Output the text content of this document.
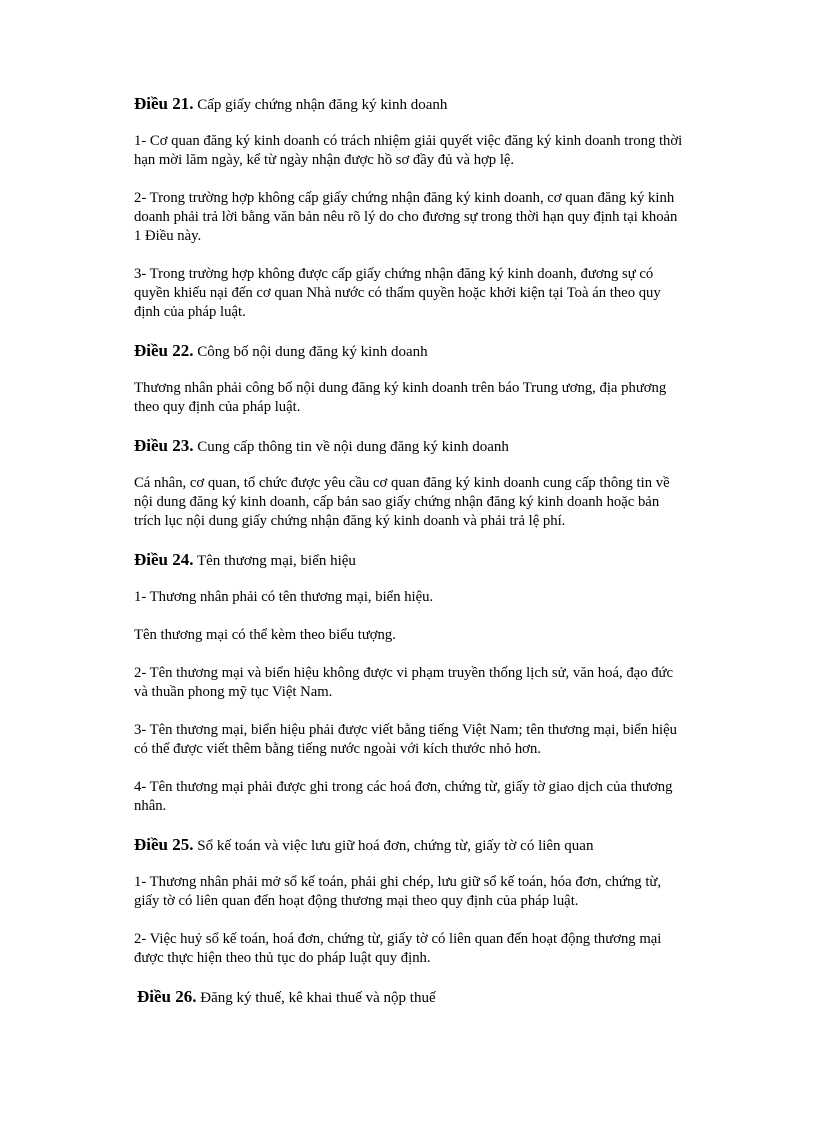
Điều 21. Cấp giấy chứng nhận đăng ký kinh doanh

1- Cơ quan đăng ký kinh doanh có trách nhiệm giải quyết việc đăng ký kinh doanh trong thời
hạn mời lăm ngày, kể từ ngày nhận được hồ sơ đầy đủ và hợp lệ.

2- Trong trường hợp không cấp giấy chứng nhận đăng ký kinh doanh, cơ quan đăng ký kinh
doanh phải trả lời bằng văn bản nêu rõ lý do cho đương sự trong thời hạn quy định tại khoản
1 Điều này.

3- Trong trường hợp không được cấp giấy chứng nhận đăng ký kinh doanh, đương sự có
quyền khiếu nại đến cơ quan Nhà nước có thẩm quyền hoặc khởi kiện tại Toà án theo quy
định của pháp luật.

Điều 22. Công bố nội dung đăng ký kinh doanh

Thương nhân phải công bố nội dung đăng ký kinh doanh trên báo Trung ương, địa phương
theo quy định của pháp luật.

Điều 23. Cung cấp thông tin về nội dung đăng ký kinh doanh

Cá nhân, cơ quan, tổ chức được yêu cầu cơ quan đăng ký kinh doanh cung cấp thông tin về
nội dung đăng ký kinh doanh, cấp bản sao giấy chứng nhận đăng ký kinh doanh hoặc bản
trích lục nội dung giấy chứng nhận đăng ký kinh doanh và phải trả lệ phí.

Điều 24. Tên thương mại, biển hiệu

1- Thương nhân phải có tên thương mại, biển hiệu.

Tên thương mại có thể kèm theo biểu tượng.

2- Tên thương mại và biển hiệu không được vi phạm truyền thống lịch sử, văn hoá, đạo đức
và thuần phong mỹ tục Việt Nam.

3- Tên thương mại, biển hiệu phải được viết bằng tiếng Việt Nam; tên thương mại, biển hiệu
có thể được viết thêm bằng tiếng nước ngoài với kích thước nhỏ hơn.

4- Tên thương mại phải được ghi trong các hoá đơn, chứng từ, giấy tờ giao dịch của thương
nhân.

Điều 25. Sổ kế toán và việc lưu giữ hoá đơn, chứng từ, giấy tờ có liên quan

1- Thương nhân phải mở sổ kế toán, phải ghi chép, lưu giữ sổ kế toán, hóa đơn, chứng từ,
giấy tờ có liên quan đến hoạt động thương mại theo quy định của pháp luật.

2- Việc huỷ sổ kế toán, hoá đơn, chứng từ, giấy tờ có liên quan đến hoạt động thương mại
được thực hiện theo thủ tục do pháp luật quy định.

Điều 26. Đăng ký thuế, kê khai thuế và nộp thuế
